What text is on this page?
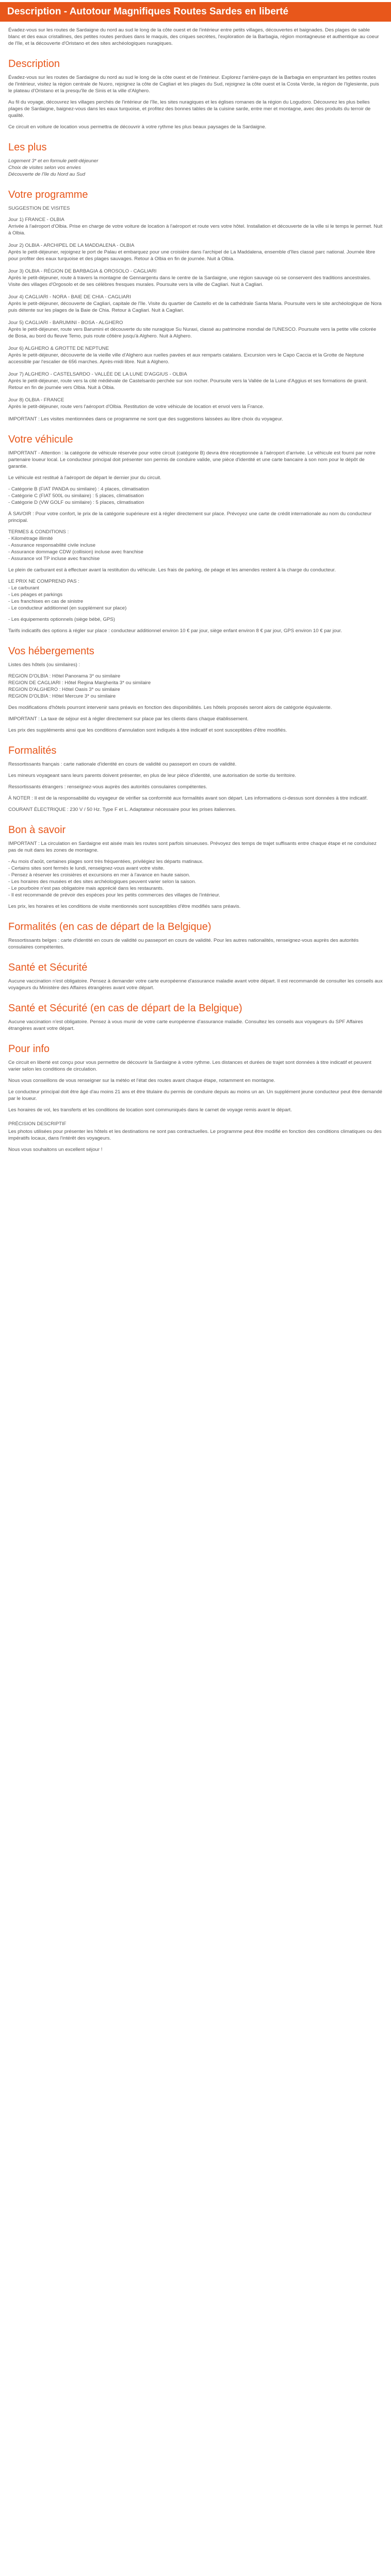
Description - Autotour Magnifiques Routes Sardes en liberté

Évadez-vous sur les routes de Sardaigne du nord au sud le long de la côte ouest et de l'intérieur entre petits villages, découvertes et baignades. Des plages de sable blanc et des eaux cristallines, des petites routes perdues dans le maquis, des criques secrètes, l'exploration de la Barbagia, région montagneuse et authentique au coeur de l'île, et la découverte d'Oristano et des sites archéologiques nuragiques.

Description

Évadez-vous sur les routes de Sardaigne du nord au sud le long de la côte ouest et de l'intérieur. Explorez l'arrière-pays de la Barbagia en empruntant les petites routes de l'intérieur, visitez la région centrale de Nuoro, rejoignez la côte de Cagliari et les plages du Sud, rejoignez la côte ouest et la Costa Verde, la région de l'Iglesiente, puis le plateau d'Oristano et la presqu'île de Sinis et la ville d'Alghero.

Au fil du voyage, découvrez les villages perchés de l'intérieur de l'île, les sites nuragiques et les églises romanes de la région du Logudoro. Découvrez les plus belles plages de Sardaigne, baignez-vous dans les eaux turquoise, et profitez des bonnes tables de la cuisine sarde, entre mer et montagne, avec des produits du terroir de qualité.

Ce circuit en voiture de location vous permettra de découvrir à votre rythme les plus beaux paysages de la Sardaigne.

Les plus

Logement 3* et en formule petit-déjeuner

Choix de visites selon vos envies

Découverte de l'île du Nord au Sud

Votre programme

SUGGESTION DE VISITES

Jour 1) FRANCE - OLBIA
Arrivée à l'aéroport d'Olbia. Prise en charge de votre voiture de location à l'aéroport et route vers votre hôtel. Installation et découverte de la ville si le temps le permet. Nuit à Olbia.
Jour 2) OLBIA - ARCHIPEL DE LA MADDALENA - OLBIA
Après le petit-déjeuner, rejoignez le port de Palau et embarquez pour une croisière dans l'archipel de La Maddalena, ensemble d'îles classé parc national. Journée libre pour profiter des eaux turquoise et des plages sauvages. Retour à Olbia en fin de journée. Nuit à Olbia.
Jour 3) OLBIA - RÉGION DE BARBAGIA & OROSOLO - CAGLIARI
Après le petit-déjeuner, route à travers la montagne de Gennargentu dans le centre de la Sardaigne, une région sauvage où se conservent des traditions ancestrales. Visite des villages d'Orgosolo et de ses célèbres fresques murales. Poursuite vers la ville de Cagliari. Nuit à Cagliari.
Jour 4) CAGLIARI - NORA - BAIE DE CHIA - CAGLIARI
Après le petit-déjeuner, découverte de Cagliari, capitale de l'île. Visite du quartier de Castello et de la cathédrale Santa Maria. Poursuite vers le site archéologique de Nora puis détente sur les plages de la Baie de Chia. Retour à Cagliari. Nuit à Cagliari.
Jour 5) CAGLIARI - BARUMINI - BOSA - ALGHERO
Après le petit-déjeuner, route vers Barumini et découverte du site nuragique Su Nuraxi, classé au patrimoine mondial de l'UNESCO. Poursuite vers la petite ville colorée de Bosa, au bord du fleuve Temo, puis route côtière jusqu'à Alghero. Nuit à Alghero.
Jour 6) ALGHERO & GROTTE DE NEPTUNE
Après le petit-déjeuner, découverte de la vieille ville d'Alghero aux ruelles pavées et aux remparts catalans. Excursion vers le Capo Caccia et la Grotte de Neptune accessible par l'escalier de 656 marches. Après-midi libre. Nuit à Alghero.
Jour 7) ALGHERO - CASTELSARDO - VALLÉE DE LA LUNE D'AGGIUS - OLBIA
Après le petit-déjeuner, route vers la cité médiévale de Castelsardo perchée sur son rocher. Poursuite vers la Vallée de la Lune d'Aggius et ses formations de granit. Retour en fin de journée vers Olbia. Nuit à Olbia.
Jour 8) OLBIA - FRANCE
Après le petit-déjeuner, route vers l'aéroport d'Olbia. Restitution de votre véhicule de location et envol vers la France.

IMPORTANT : Les visites mentionnées dans ce programme ne sont que des suggestions laissées au libre choix du voyageur.

Votre véhicule

IMPORTANT - Attention : la catégorie de véhicule réservée pour votre circuit (catégorie B) devra être réceptionnée à l'aéroport d'arrivée. Le véhicule est fourni par notre partenaire loueur local. Le conducteur principal doit présenter son permis de conduire valide, une pièce d'identité et une carte bancaire à son nom pour le dépôt de garantie.

Le véhicule est restitué à l'aéroport de départ le dernier jour du circuit.

- Catégorie B (FIAT PANDA ou similaire) : 4 places, climatisation

- Catégorie C (FIAT 500L ou similaire) : 5 places, climatisation

- Catégorie D (VW GOLF ou similaire) : 5 places, climatisation

À SAVOIR : Pour votre confort, le prix de la catégorie supérieure est à régler directement sur place. Prévoyez une carte de crédit internationale au nom du conducteur principal.

TERMES & CONDITIONS :

- Kilométrage illimité

- Assurance responsabilité civile incluse

- Assurance dommage CDW (collision) incluse avec franchise

- Assurance vol TP incluse avec franchise

Le plein de carburant est à effectuer avant la restitution du véhicule. Les frais de parking, de péage et les amendes restent à la charge du conducteur.

LE PRIX NE COMPREND PAS :

- Le carburant

- Les péages et parkings

- Les franchises en cas de sinistre

- Le conducteur additionnel (en supplément sur place)

- Les équipements optionnels (siège bébé, GPS)

Tarifs indicatifs des options à régler sur place : conducteur additionnel environ 10 € par jour, siège enfant environ 8 € par jour, GPS environ 10 € par jour.

Vos hébergements

Listes des hôtels (ou similaires) :

REGION D'OLBIA : Hôtel Panorama 3* ou similaire

REGION DE CAGLIARI : Hôtel Regina Margherita 3* ou similaire

REGION D'ALGHERO : Hôtel Oasis 3* ou similaire

REGION D'OLBIA : Hôtel Mercure 3* ou similaire

Des modifications d'hôtels pourront intervenir sans préavis en fonction des disponibilités. Les hôtels proposés seront alors de catégorie équivalente.

IMPORTANT : La taxe de séjour est à régler directement sur place par les clients dans chaque établissement.

Les prix des suppléments ainsi que les conditions d'annulation sont indiqués à titre indicatif et sont susceptibles d'être modifiés.

Formalités

Ressortissants français : carte nationale d'identité en cours de validité ou passeport en cours de validité.

Les mineurs voyageant sans leurs parents doivent présenter, en plus de leur pièce d'identité, une autorisation de sortie du territoire.

Ressortissants étrangers : renseignez-vous auprès des autorités consulaires compétentes.

À NOTER : Il est de la responsabilité du voyageur de vérifier sa conformité aux formalités avant son départ. Les informations ci-dessus sont données à titre indicatif.

COURANT ÉLECTRIQUE : 230 V / 50 Hz. Type F et L. Adaptateur nécessaire pour les prises italiennes.

Bon à savoir

IMPORTANT : La circulation en Sardaigne est aisée mais les routes sont parfois sinueuses. Prévoyez des temps de trajet suffisants entre chaque étape et ne conduisez pas de nuit dans les zones de montagne.

- Au mois d'août, certaines plages sont très fréquentées, privilégiez les départs matinaux.

- Certains sites sont fermés le lundi, renseignez-vous avant votre visite.

- Pensez à réserver les croisières et excursions en mer à l'avance en haute saison.

- Les horaires des musées et des sites archéologiques peuvent varier selon la saison.

- Le pourboire n'est pas obligatoire mais apprécié dans les restaurants.

- Il est recommandé de prévoir des espèces pour les petits commerces des villages de l'intérieur.

Les prix, les horaires et les conditions de visite mentionnés sont susceptibles d'être modifiés sans préavis.

Formalités (en cas de départ de la Belgique)

Ressortissants belges : carte d'identité en cours de validité ou passeport en cours de validité. Pour les autres nationalités, renseignez-vous auprès des autorités consulaires compétentes.

Santé et Sécurité

Aucune vaccination n'est obligatoire. Pensez à demander votre carte européenne d'assurance maladie avant votre départ. Il est recommandé de consulter les conseils aux voyageurs du Ministère des Affaires étrangères avant votre départ.

Santé et Sécurité (en cas de départ de la Belgique)

Aucune vaccination n'est obligatoire. Pensez à vous munir de votre carte européenne d'assurance maladie. Consultez les conseils aux voyageurs du SPF Affaires étrangères avant votre départ.

Pour info

Ce circuit en liberté est conçu pour vous permettre de découvrir la Sardaigne à votre rythme. Les distances et durées de trajet sont données à titre indicatif et peuvent varier selon les conditions de circulation.

Nous vous conseillons de vous renseigner sur la météo et l'état des routes avant chaque étape, notamment en montagne.

Le conducteur principal doit être âgé d'au moins 21 ans et être titulaire du permis de conduire depuis au moins un an. Un supplément jeune conducteur peut être demandé par le loueur.

Les horaires de vol, les transferts et les conditions de location sont communiqués dans le carnet de voyage remis avant le départ.

PRÉCISION DESCRIPTIF

Les photos utilisées pour présenter les hôtels et les destinations ne sont pas contractuelles. Le programme peut être modifié en fonction des conditions climatiques ou des impératifs locaux, dans l'intérêt des voyageurs.

Nous vous souhaitons un excellent séjour !
